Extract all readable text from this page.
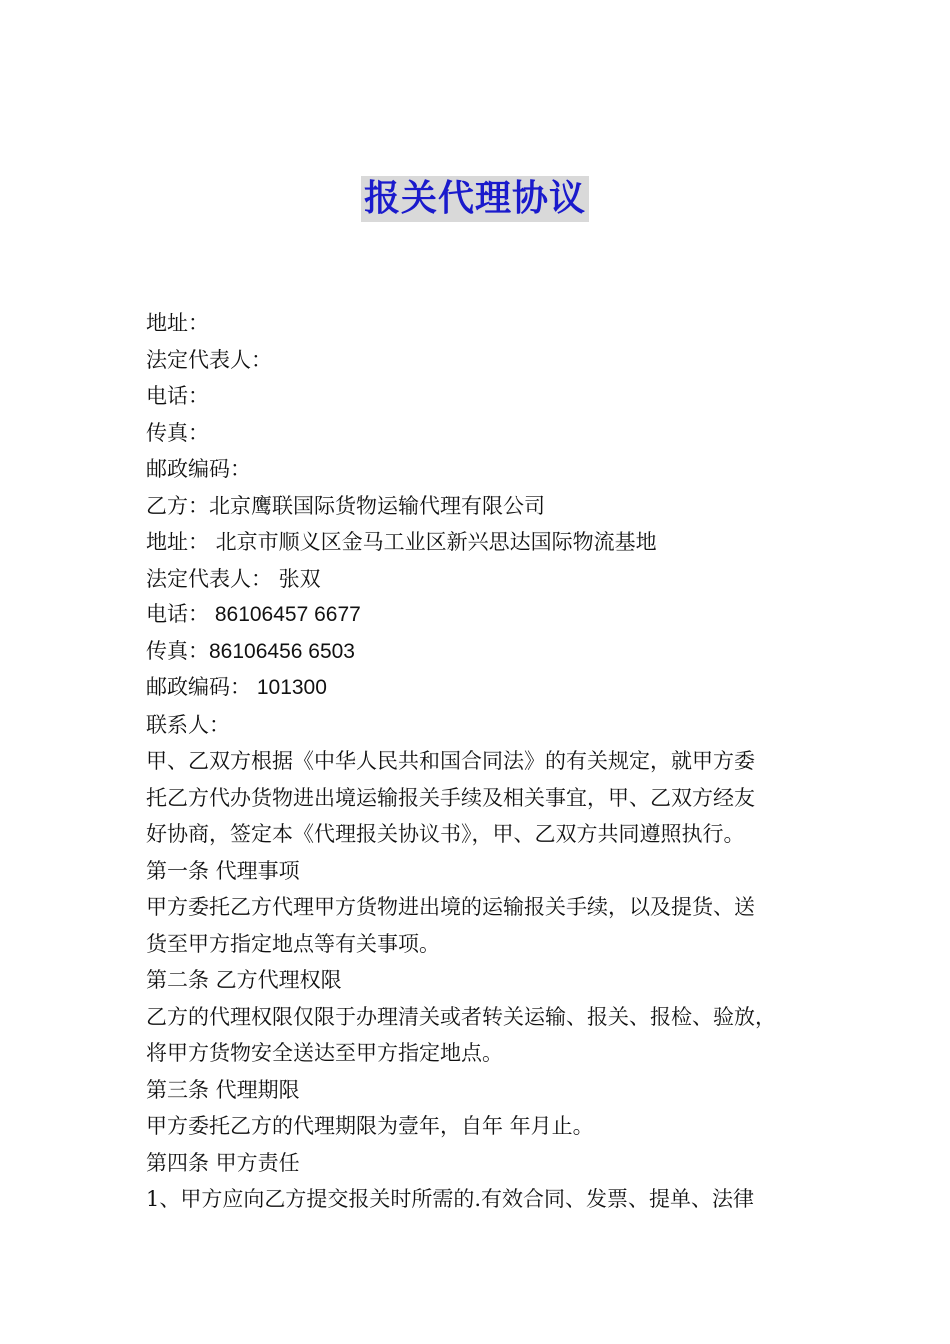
报关代理协议
地址：
法定代表人：
电话：
传真：
邮政编码：
乙方：北京鹰联国际货物运输代理有限公司
地址： 北京市顺义区金马工业区新兴思达国际物流基地
法定代表人： 张双
电话： 86106457 6677
传真：86106456 6503
邮政编码： 101300
联系人：
甲、乙双方根据《中华人民共和国合同法》的有关规定，就甲方委
托乙方代办货物进出境运输报关手续及相关事宜，甲、乙双方经友
好协商，签定本《代理报关协议书》，甲、乙双方共同遵照执行。
第一条 代理事项
甲方委托乙方代理甲方货物进出境的运输报关手续，以及提货、送
货至甲方指定地点等有关事项。
第二条 乙方代理权限
乙方的代理权限仅限于办理清关或者转关运输、报关、报检、验放，
将甲方货物安全送达至甲方指定地点。
第三条 代理期限
甲方委托乙方的代理期限为壹年，自年 年月止。
第四条 甲方责任
1、甲方应向乙方提交报关时所需的.有效合同、发票、提单、法律
